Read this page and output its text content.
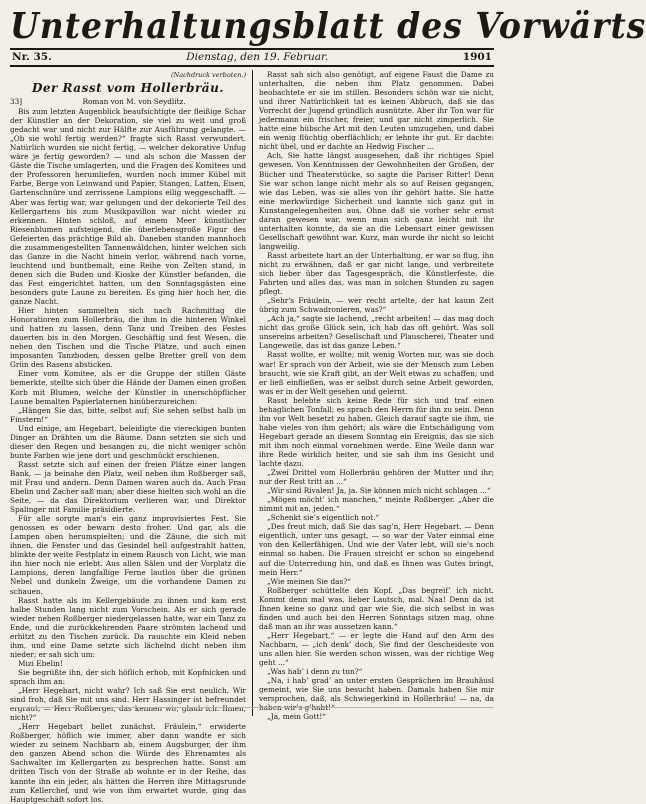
Unterhaltungsblatt des Vorwärts
Nr. 35.	Dienstag, den 19. Februar.	1901
(Nachdruck verboten.)
Der Rasst vom Hollerbräu.
33]	Roman von M. von Seydlitz.

Bis zum letzten Augenblick beaufsichtigte der fleißige Schar der Künstler an der Dekoration, sie viel zu weit und groß gedacht war und nicht zur Hälfte zur Ausführung gelangte. — „Ob sie wohl fertig werden?“ fragte sich Rasst verwundert. Natürlich wurden sie nicht fertig, — welcher dekorative Unfug wäre je fertig geworden? — und als schon die Massen der Gäste die Tische umlagerten, und die Fragen des Komitees und der Professoren herumliefen, wurden noch immer Kübel mit Farbe, Berge von Leinwand und Papier, Stangen, Latten, Eisen, Gartenschnüre und zerrissene Lampions eilig weggeschafft. — Aber was fertig war, war gelungen und der dekorierte Teil des Kellergartens bis zum Musikpavillon war nicht wieder zu erkennen. Hinten schloß, auf einem Meer künstlicher Riesenblumen aufsteigend, die überlebensgroße Figur des Gefeierten das prächtige Bild ab. Daneben standen mannhoch die zusammengestellten Tannenwäldchen, hinter welchen sich das Ganze in die Nacht hinein verlor, während nach vorne, leuchtend und buntbemalt, eine Reihe von Zelten stand, in denen sich die Buden und Kioske der Künstler befanden, die das Fest eingerichtet hatten, um den Sonntagsgästen eine besonders gute Laune zu bereiten. Es ging hier hoch her, die ganze Nacht.

Hier hinten sammelten sich nach Rachmittag die Honoratioren zum Hollerbräu, die ihm in die hinteren Winkel und hatten zu lassen, denn Tanz und Treiben des Festes dauerten bis in den Morgen. Geschäftig und fest Wesen, die neben den Tischen und die Tische Plätze, und auch einen imposanten Tanzboden, dessen gelbe Bretter grell von dem Grün des Rasens absticken.

Einer vom Komitee, als er die Gruppe der stillen Gäste bemerkte, stellte sich über die Hände der Damen einen großen Korb mit Blumen, welche der Künstler in unerschöpflicher Laune bemalten Papierlaternen hinüberzureichen:

„Hängen Sie das, bitte, selbst auf; Sie sehen selbst halb im Finstern!“

Und einige, am Hegebart, beleidigte die viereckigen bunten Dinger an Drähten um die Bäume. Dann setzten sie sich und dieser den Regen und besangen zu, die nicht weniger schön bunte Farben wie jene dort und geschmückt erschienen.

Rasst setzte sich auf einen der freien Plätze einer langen Bank, — ja beinahe den Platz, weil neben ihm Roßberger saß, mit Frau und andern. Denn Damen waren auch da. Auch Frau Ebelin und Zacher saß man; aber diese hielten sich wohl an die Seite, — da das Direktorium verlieren war, und Direktor Spalinger mit Familie präsidierte.

Für alle sorgte man's ein ganz improvisiertes Fest. Sie genossen es oder bewarn desto froher. Und gar, als die Lampen oben herumspielten; und die Zäune, die sich mit ihnen, die Fenster und das Gesindel hell aufgestrahlt hatten, blinkte der weite Festplatz in einem Rausch von Licht, wie man ihn hier noch nie erlebt. Aus allen Sälen und der Vorplatz die Lampions, deren langfallige Ferne lautlos über die grünen Nebel und dunkeln Zweige, um die vorhandene Damen zu schauen.

Rasst hatte als im Kellergebäude zu ihnen und kam erst halbe Stunden lang nicht zum Vorschein. Als er sich gerade wieder neben Roßberger niedergelassen hatte, war ein Tanz zu Ende, und die zurückkehrenden Paare strömten lachend und erhitzt zu den Tischen zurück. Da rauschte ein Kleid neben ihm, und eine Dame setzte sich lächelnd dicht neben ihm nieder; er sah sich um:

Mizi Ebelin!

Sie begrüßte ihn, der sich höflich erhob, mit Kopfnicken und sprach ihm an:

„Herr Hegebart, nicht wahr? Ich saß Sie erst neulich. Wir sind froh, daß Sie mit uns sind. Herr Hassinger ist befreundet ergraut, — Herr Roßberger, das kennen wir, glaub ich. Ihnen, nicht?“

„Herr Hegebart bellet zunächst. Fräulein,“ erwiderte Roßberger, höflich wie immer, aber dann wandte er sich wieder zu seinem Nachbarn ab, einem Augsburger, der ihm den ganzen Abend schon die Würde des Ehrenamtes als Sachwalter im Kellergarten zu besprechen hatte. Sonst am dritten Tisch von der Straße ab wohnte er in der Reihe, das kannte ihn ein jeder, als hätten die Herren ihre Mittagsrunde zum Kellerchef, und wie von ihm erwartet wurde, ging das Hauptgeschäft sofort los.

Rasst sah sich also genötigt, auf eigene Faust die Dame zu unterhalten, die neben ihm Platz genommen. Dabei beobachtete er sie im stillen. Besonders schön war sie nicht, und ihrer Natürlichkeit tat es keinen Abbruch, daß sie das Vorrecht der Jugend gründlich ausnützte. Aber ihr Ton war für jedermann ein frischer, freier, und gar nicht zimperlich. Sie hatte eine hübsche Art mit den Leuten umzugehen, und dabei ein wenig flüchtig oberflächlich; er lehnte ihr gut. Er dachte: nicht übel, und er dachte an Hedwig Fischer ...

Ach, Sie hatte längst ausgesehen, daß ihr richtiges Spiel gewesen. Von Kenntnissen der Gewohnheiten der Großen, der Bücher und Theaterstücke, so sagte die Pariser Ritter! Denn Sie war schon lange nicht mehr als so auf Reisen gegangen, wie das Leben, was sie alles von ihr gehört hatte. Sie hatte eine merkwürdige Sicherheit und kannte sich ganz gut in Kunstangelegenheiten aus. Ohne daß sie vorher sehr ernst daran gewesen war, wenn man sich ganz leicht mit ihr unterhalten konnte, da sie an die Lebensart einer gewissen Gesellschaft gewöhnt war. Kurz, man wurde ihr nicht so leicht langweilig.

Rasst arbeitete hart an der Unterhaltung, er war so flug, ihn nicht zu erwähnen, daß er gar nicht lange, und verbreitete sich lieber über das Tagesgespräch, die Künstlerfeste, die Fahrten und alles das, was man in solchen Stunden zu sagen pflegt.

„Sehr's Fräulein, — wer recht artelte, der hat kaum Zeit übrig zum Schwadronieren, was?“

„Ach ja,“ sagte sie lachend, „recht arbeiten! — das mag doch nicht das große Glück sein, ich hab das oft gehört. Was soll unsereins arbeiten? Gesellschaft und Plauscherei, Theater und Langeweile, das ist das ganze Leben.“

Rasst wollte, er wollte; mit wenig Worten nur, was sie doch war! Er sprach von der Arbeit, wie sie der Mensch zum Leben braucht, wie sie Kraft gibt, an der Welt etwas zu schaffen; und er ließ einfließen, was er selbst durch seine Arbeit geworden, was er in der Welt gesehen und gelernt.

Rasst belebte sich keine Rede für sich und traf einen behaglichen Tonfall; es sprach den Herrn für ihn zu sein. Denn ihn vor Welt besetzt zu haben. Gleich darauf sagte sie ihm, sie habe vieles von ihm gehört; als wäre die Entschädigung vom Hegebart gerade an diesem Sonntag ein Ereignis, das sie sich mit ihm noch einmal vornehmen werde. Eine Weile dann war ihre Rede wirklich heiter, und sie sah ihm ins Gesicht und lachte dazu.

„Zwei Drittel vom Hollerbräu gehören der Mutter und ihr; nur der Rest tritt an ...“

„Wir sind Rivalen! Ja, ja. Sie können mich nicht schlagen ...“

„Mögen möcht’ ich manchen,“ meinte Roßberger. „Aber die nimmt mit an, jeden.“

„Schenkt sie’s eigentlich not.“

„Des freut mich, daß Sie das sag’n, Herr Hegebart. — Denn eigentlich, unter uns gesagt, — so war der Vater einmal eine von den Kellerfähigen. Und wie der Vater lebt, will sie’s noch einmal so haben. Die Frauen streicht er schon so eingehend auf die Unterredung hin, und daß es Ihnen was Gutes bringt, mein Herr.“

„Wie meinen Sie das?“

Roßberger schüttelte den Kopf. „Das begreif’ ich nicht. Kommt denn mal was, lieber Lautsch, mal. Naa! Denn da ist Ihnen keine so ganz und gar wie Sie, die sich selbst in was finden und auch bei den Herren Sonntags sitzen mag, ohne daß man an ihr was aussetzen kann.“

„Herr Hegebart,“ — er legte die Hand auf den Arm des Nachbarn, — „ich denk’ doch, Sie find der Gescheideste von uns allen hier. Sie werden schon wissen, was der richtige Weg geht ...“

„Was hab’ i denn zu tun?“

„Na, i hab’ grad’ an unter ersten Gesprächen im Brauhäusl gemeint, wie Sie uns besucht haben. Damals haben Sie mir versprochen, daß, als Schwiegerkind in Hollerbräu! — na, da haben wir’s g’habt!“

„Ja, mein Gott!“
